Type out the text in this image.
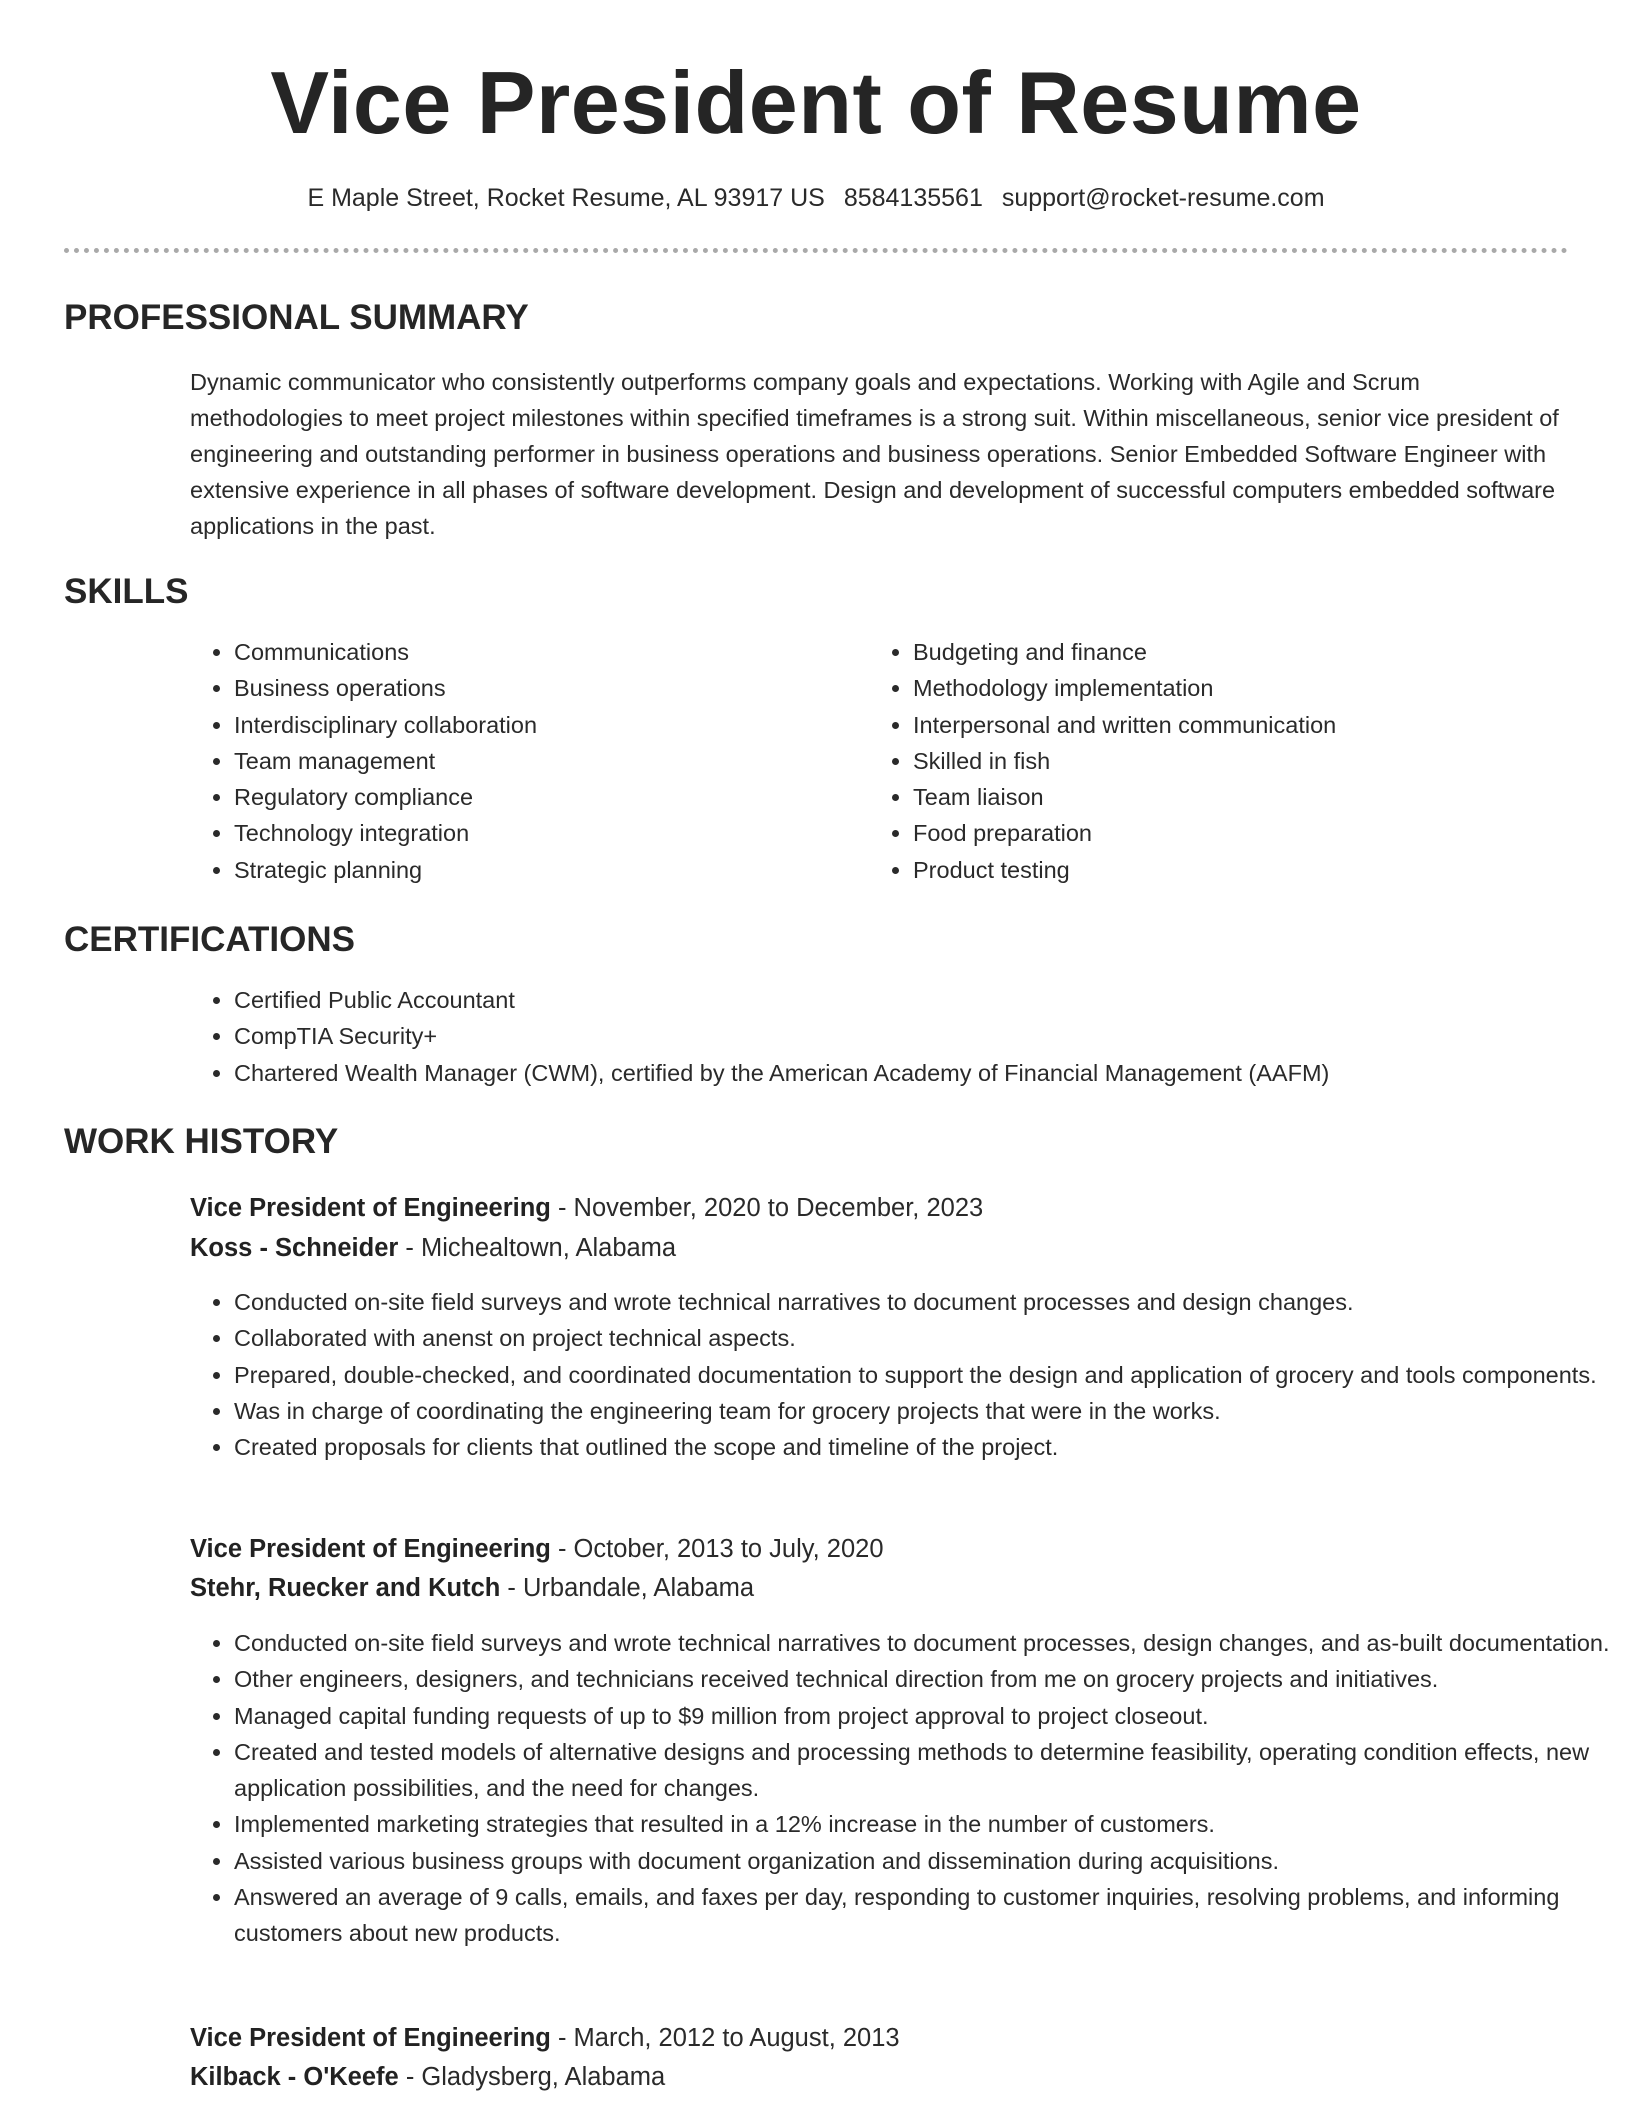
Vice President of Resume
E Maple Street, Rocket Resume, AL 93917 US 8584135561 support@rocket-resume.com
PROFESSIONAL SUMMARY

Dynamic communicator who consistently outperforms company goals and expectations. Working with Agile and Scrum methodologies to meet project milestones within specified timeframes is a strong suit. Within miscellaneous, senior vice president of engineering and outstanding performer in business operations and business operations. Senior Embedded Software Engineer with extensive experience in all phases of software development. Design and development of successful computers embedded software applications in the past.

SKILLS
• Communications
• Business operations
• Interdisciplinary collaboration
• Team management
• Regulatory compliance
• Technology integration
• Strategic planning
• Budgeting and finance
• Methodology implementation
• Interpersonal and written communication
• Skilled in fish
• Team liaison
• Food preparation
• Product testing
CERTIFICATIONS
• Certified Public Accountant
• CompTIA Security+
• Chartered Wealth Manager (CWM), certified by the American Academy of Financial Management (AAFM)
WORK HISTORY
Vice President of Engineering - November, 2020 to December, 2023
Koss - Schneider - Michealtown, Alabama
• Conducted on-site field surveys and wrote technical narratives to document processes and design changes.
• Collaborated with anenst on project technical aspects.
• Prepared, double-checked, and coordinated documentation to support the design and application of grocery and tools components.
• Was in charge of coordinating the engineering team for grocery projects that were in the works.
• Created proposals for clients that outlined the scope and timeline of the project.
Vice President of Engineering - October, 2013 to July, 2020
Stehr, Ruecker and Kutch - Urbandale, Alabama
• Conducted on-site field surveys and wrote technical narratives to document processes, design changes, and as-built documentation.
• Other engineers, designers, and technicians received technical direction from me on grocery projects and initiatives.
• Managed capital funding requests of up to $9 million from project approval to project closeout.
• Created and tested models of alternative designs and processing methods to determine feasibility, operating condition effects, new application possibilities, and the need for changes.
• Implemented marketing strategies that resulted in a 12% increase in the number of customers.
• Assisted various business groups with document organization and dissemination during acquisitions.
• Answered an average of 9 calls, emails, and faxes per day, responding to customer inquiries, resolving problems, and informing customers about new products.
Vice President of Engineering - March, 2012 to August, 2013
Kilback - O'Keefe - Gladysberg, Alabama
